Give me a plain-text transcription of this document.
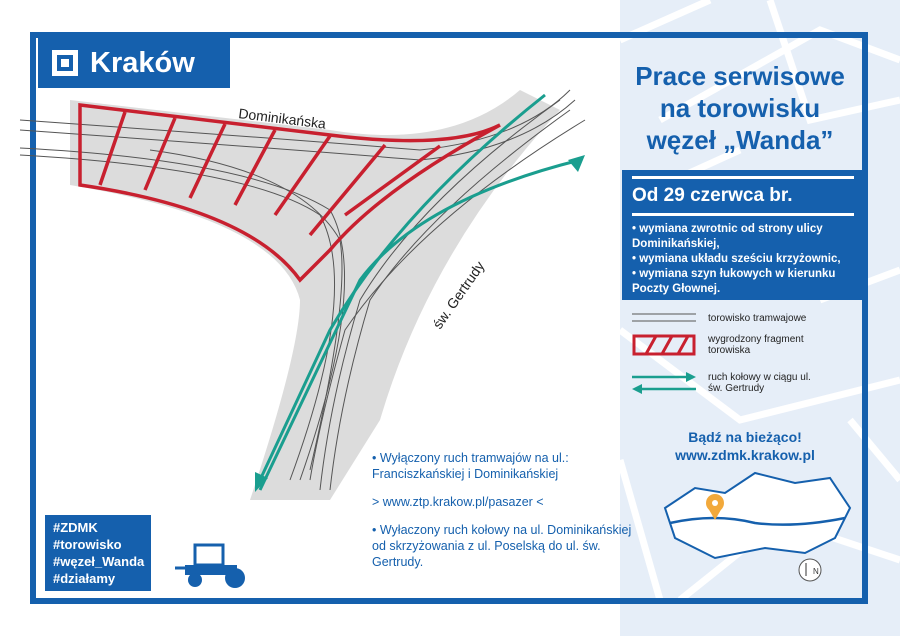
Kraków
Dominikańska
św. Gertrudy
Prace serwisowe
na torowisku
węzeł „Wanda”
Od 29 czerwca br.

• wymiana zwrotnic od strony ulicy Dominikańskiej,

• wymiana układu sześciu krzyżownic,

• wymiana szyn łukowych w kierunku Poczty Głownej.

torowisko tramwajowe
wygrodzony fragment torowiska
ruch kołowy w ciągu ul. św. Gertrudy
Bądź na bieżąco!
www.zdmk.krakow.pl
N

• Wyłączony ruch tramwajów na ul.: Franciszkańskiej i Dominikańskiej

> www.ztp.krakow.pl/pasazer <

• Wyłaczony ruch kołowy na ul. Dominikańskiej od skrzyżowania z ul. Poselską do ul. św. Gertrudy.

#ZDMK
#torowisko
#węzeł_Wanda
#działamy
